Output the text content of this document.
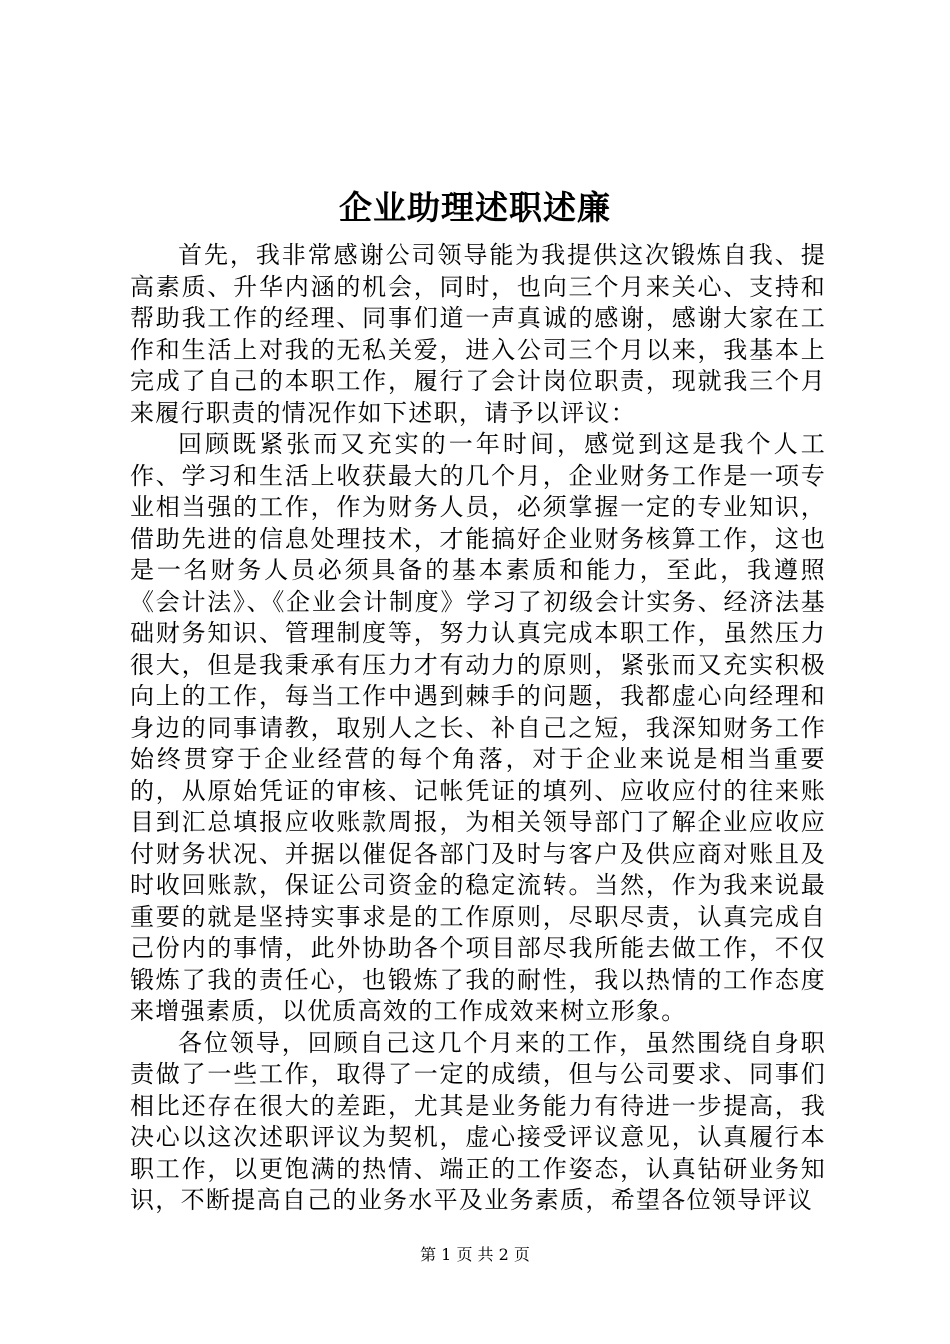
企业助理述职述廉

首先，我非常感谢公司领导能为我提供这次锻炼自我、提高素质、升华内涵的机会，同时，也向三个月来关心、支持和帮助我工作的经理、同事们道一声真诚的感谢，感谢大家在工作和生活上对我的无私关爱，进入公司三个月以来，我基本上完成了自己的本职工作，履行了会计岗位职责，现就我三个月来履行职责的情况作如下述职，请予以评议：

回顾既紧张而又充实的一年时间，感觉到这是我个人工作、学习和生活上收获最大的几个月，企业财务工作是一项专业相当强的工作，作为财务人员，必须掌握一定的专业知识，借助先进的信息处理技术，才能搞好企业财务核算工作，这也是一名财务人员必须具备的基本素质和能力，至此，我遵照《会计法》、《企业会计制度》学习了初级会计实务、经济法基础财务知识、管理制度等，努力认真完成本职工作，虽然压力很大，但是我秉承有压力才有动力的原则，紧张而又充实积极向上的工作，每当工作中遇到棘手的问题，我都虚心向经理和身边的同事请教，取别人之长、补自己之短，我深知财务工作始终贯穿于企业经营的每个角落，对于企业来说是相当重要的，从原始凭证的审核、记帐凭证的填列、应收应付的往来账目到汇总填报应收账款周报，为相关领导部门了解企业应收应付财务状况、并据以催促各部门及时与客户及供应商对账且及时收回账款，保证公司资金的稳定流转。当然，作为我来说最重要的就是坚持实事求是的工作原则，尽职尽责，认真完成自己份内的事情，此外协助各个项目部尽我所能去做工作，不仅锻炼了我的责任心，也锻炼了我的耐性，我以热情的工作态度来增强素质，以优质高效的工作成效来树立形象。

各位领导，回顾自己这几个月来的工作，虽然围绕自身职责做了一些工作，取得了一定的成绩，但与公司要求、同事们相比还存在很大的差距，尤其是业务能力有待进一步提高，我决心以这次述职评议为契机，虚心接受评议意见，认真履行本职工作，以更饱满的热情、端正的工作姿态，认真钻研业务知识，不断提高自己的业务水平及业务素质，希望各位领导评议

第 1 页 共 2 页
